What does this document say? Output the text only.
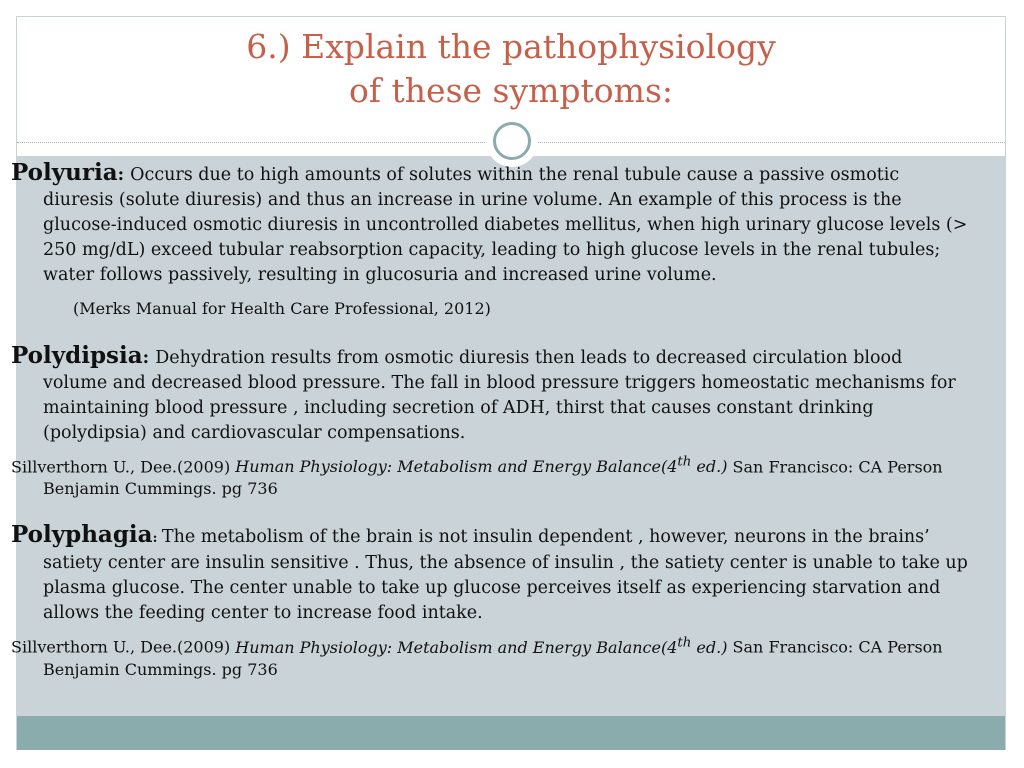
6.) Explain the pathophysiology
of these symptoms:

Polyuria: Occurs due to high amounts of solutes within the renal tubule cause a passive osmotic diuresis (solute diuresis) and thus an increase in urine volume. An example of this process is the glucose-induced osmotic diuresis in uncontrolled diabetes mellitus, when high urinary glucose levels (> 250 mg/dL) exceed tubular reabsorption capacity, leading to high glucose levels in the renal tubules; water follows passively, resulting in glucosuria and increased urine volume.

(Merks Manual for Health Care Professional, 2012)

Polydipsia: Dehydration results from osmotic diuresis then leads to decreased circulation blood volume and decreased blood pressure. The fall in blood pressure triggers homeostatic mechanisms for maintaining blood pressure , including secretion of ADH, thirst that causes constant drinking (polydipsia) and cardiovascular compensations.

Sillverthorn U., Dee.(2009) Human Physiology: Metabolism and Energy Balance(4th ed.) San Francisco: CA Person Benjamin Cummings. pg 736

Polyphagia: The metabolism of the brain is not insulin dependent , however, neurons in the brains’ satiety center are insulin sensitive . Thus, the absence of insulin , the satiety center is unable to take up plasma glucose. The center unable to take up glucose perceives itself as experiencing starvation and allows the feeding center to increase food intake.

Sillverthorn U., Dee.(2009) Human Physiology: Metabolism and Energy Balance(4th ed.) San Francisco: CA Person Benjamin Cummings. pg 736
